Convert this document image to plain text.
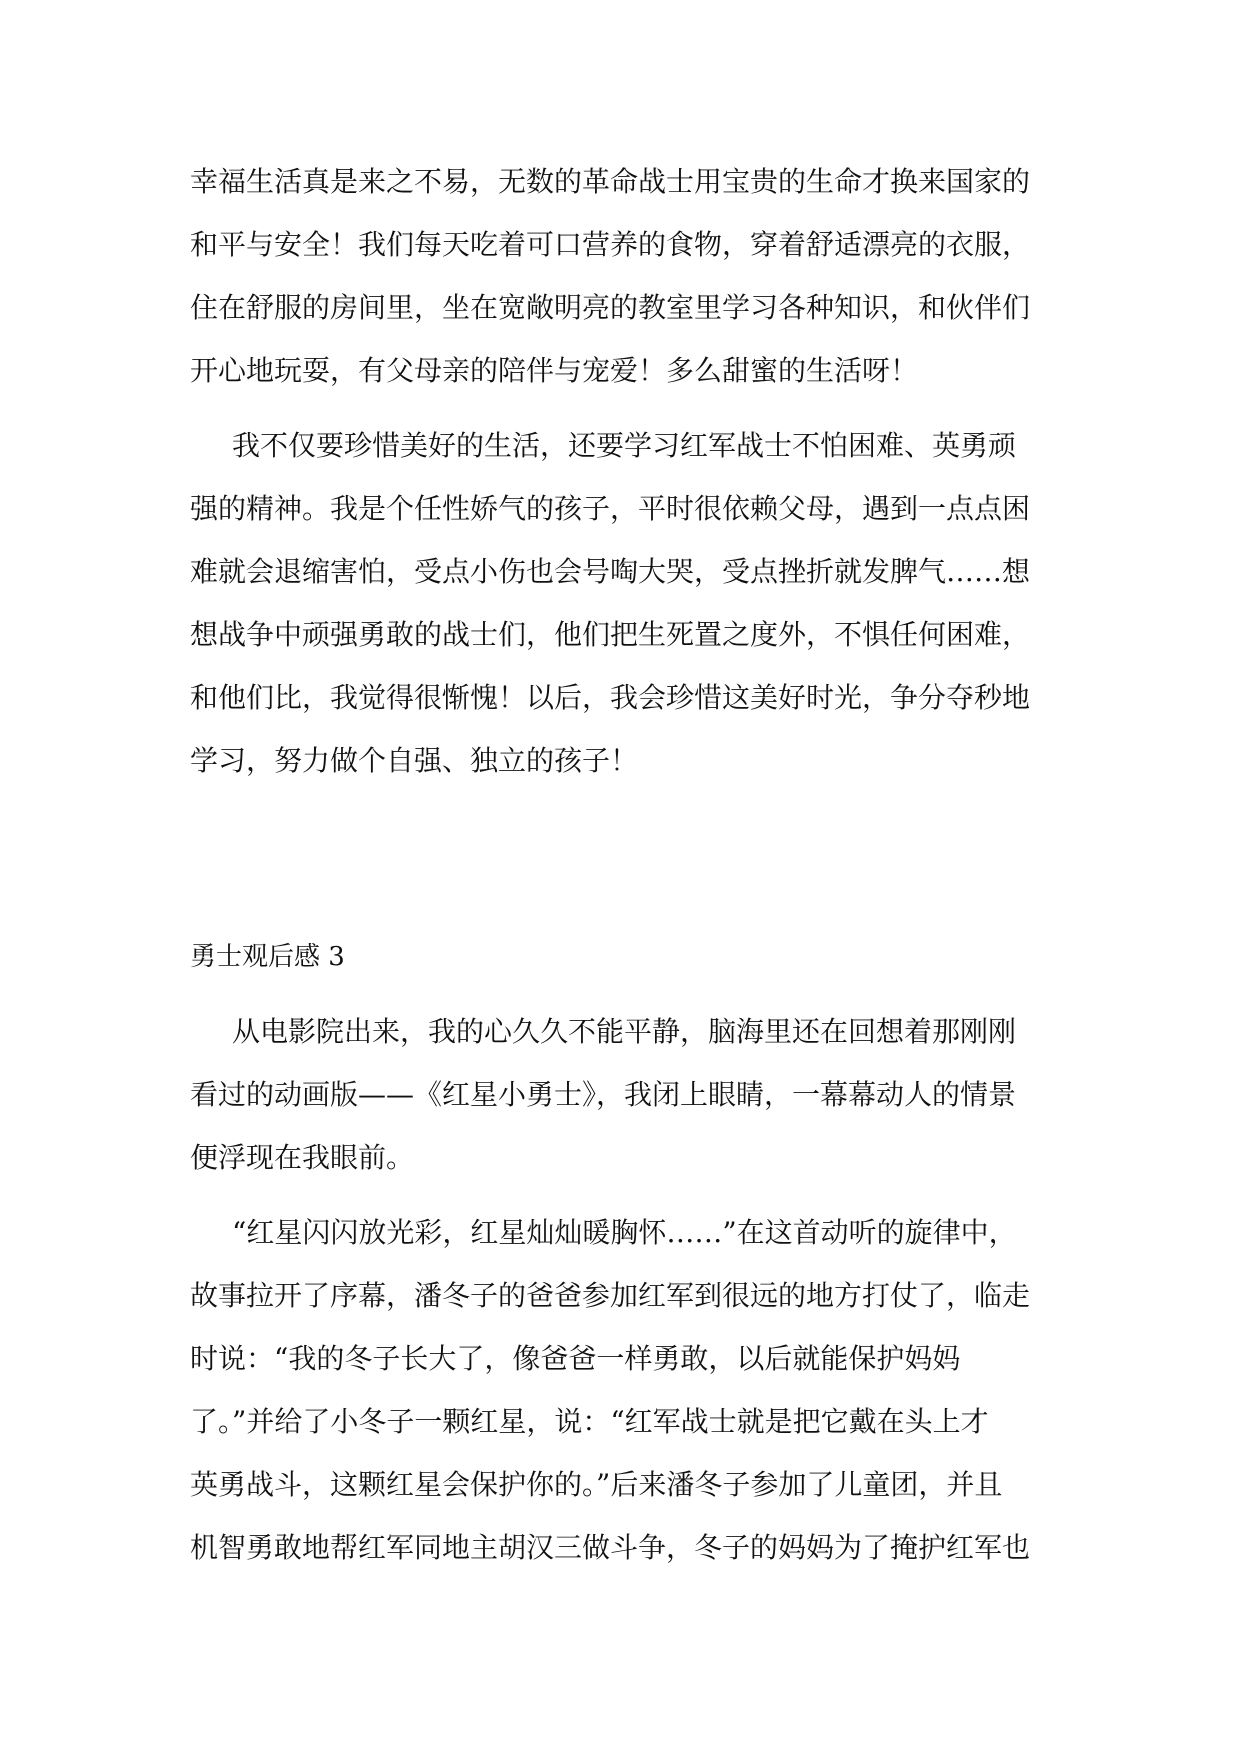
幸福生活真是来之不易，无数的革命战士用宝贵的生命才换来国家的
和平与安全！我们每天吃着可口营养的食物，穿着舒适漂亮的衣服，
住在舒服的房间里，坐在宽敞明亮的教室里学习各种知识，和伙伴们
开心地玩耍，有父母亲的陪伴与宠爱！多么甜蜜的生活呀！
我不仅要珍惜美好的生活，还要学习红军战士不怕困难、英勇顽
强的精神。我是个任性娇气的孩子，平时很依赖父母，遇到一点点困
难就会退缩害怕，受点小伤也会号啕大哭，受点挫折就发脾气……想
想战争中顽强勇敢的战士们，他们把生死置之度外，不惧任何困难，
和他们比，我觉得很惭愧！以后，我会珍惜这美好时光，争分夺秒地
学习，努力做个自强、独立的孩子！
勇士观后感 3
从电影院出来，我的心久久不能平静，脑海里还在回想着那刚刚
看过的动画版——《红星小勇士》，我闭上眼睛，一幕幕动人的情景
便浮现在我眼前。
“红星闪闪放光彩，红星灿灿暖胸怀……”在这首动听的旋律中，
故事拉开了序幕，潘冬子的爸爸参加红军到很远的地方打仗了，临走
时说：“我的冬子长大了，像爸爸一样勇敢，以后就能保护妈妈
了。”并给了小冬子一颗红星，说：“红军战士就是把它戴在头上才
英勇战斗，这颗红星会保护你的。”后来潘冬子参加了儿童团，并且
机智勇敢地帮红军同地主胡汉三做斗争，冬子的妈妈为了掩护红军也
